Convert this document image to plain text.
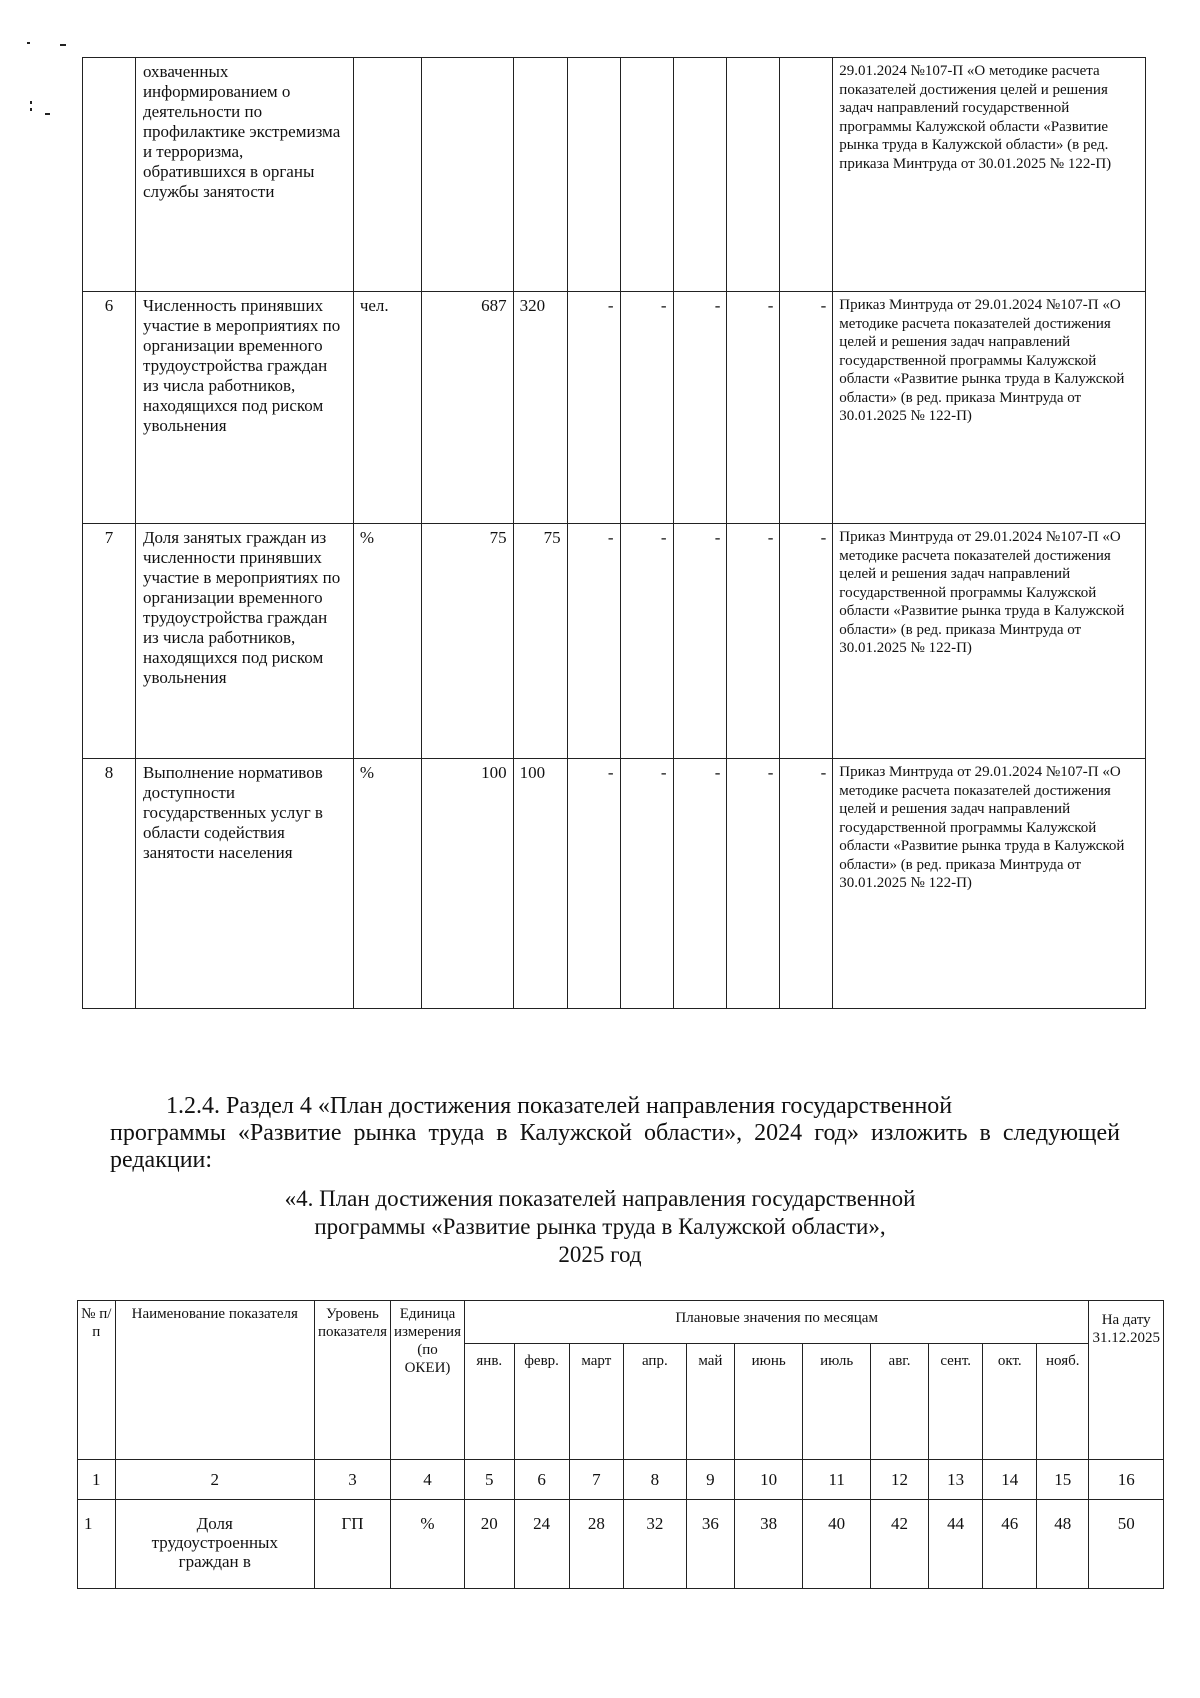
	охваченных информированием о деятельности по профилактике экстремизма и терроризма, обратившихся в органы службы занятости									29.01.2024 №107-П «О методике расчета показателей достижения целей и решения задач направлений государственной программы Калужской области «Развитие рынка труда в Калужской области» (в ред. приказа Минтруда от 30.01.2025 № 122-П)
6	Численность принявших участие в мероприятиях по организации временного трудоустройства граждан из числа работников, находящихся под риском увольнения	чел.	687	320	-	-	-	-	-	Приказ Минтруда от 29.01.2024 №107-П «О методике расчета показателей достижения целей и решения задач направлений государственной программы Калужской области «Развитие рынка труда в Калужской области» (в ред. приказа Минтруда от 30.01.2025 № 122-П)
7	Доля занятых граждан из численности принявших участие в мероприятиях по организации временного трудоустройства граждан из числа работников, находящихся под риском увольнения	%	75	75	-	-	-	-	-	Приказ Минтруда от 29.01.2024 №107-П «О методике расчета показателей достижения целей и решения задач направлений государственной программы Калужской области «Развитие рынка труда в Калужской области» (в ред. приказа Минтруда от 30.01.2025 № 122-П)
8	Выполнение нормативов доступности государственных услуг в области содействия занятости населения	%	100	100	-	-	-	-	-	Приказ Минтруда от 29.01.2024 №107-П «О методике расчета показателей достижения целей и решения задач направлений государственной программы Калужской области «Развитие рынка труда в Калужской области» (в ред. приказа Минтруда от 30.01.2025 № 122-П)
1.2.4. Раздел 4 «План достижения показателей направления государственной
программы «Развитие рынка труда в Калужской области», 2024 год» изложить в следующей редакции:
«4. План достижения показателей направления государственной
программы «Развитие рынка труда в Калужской области»,
2025 год
№ п/п	Наименование показателя	Уровень показателя	Единица измерения (по ОКЕИ)	Плановые значения по месяцам											На дату 31.12.2025
				янв.	февр.	март	апр.	май	июнь	июль	авг.	сент.	окт.	нояб.	
1	2	3	4	5	6	7	8	9	10	11	12	13	14	15	16
1	Доля трудоустроенных граждан в	ГП	%	20	24	28	32	36	38	40	42	44	46	48	50
